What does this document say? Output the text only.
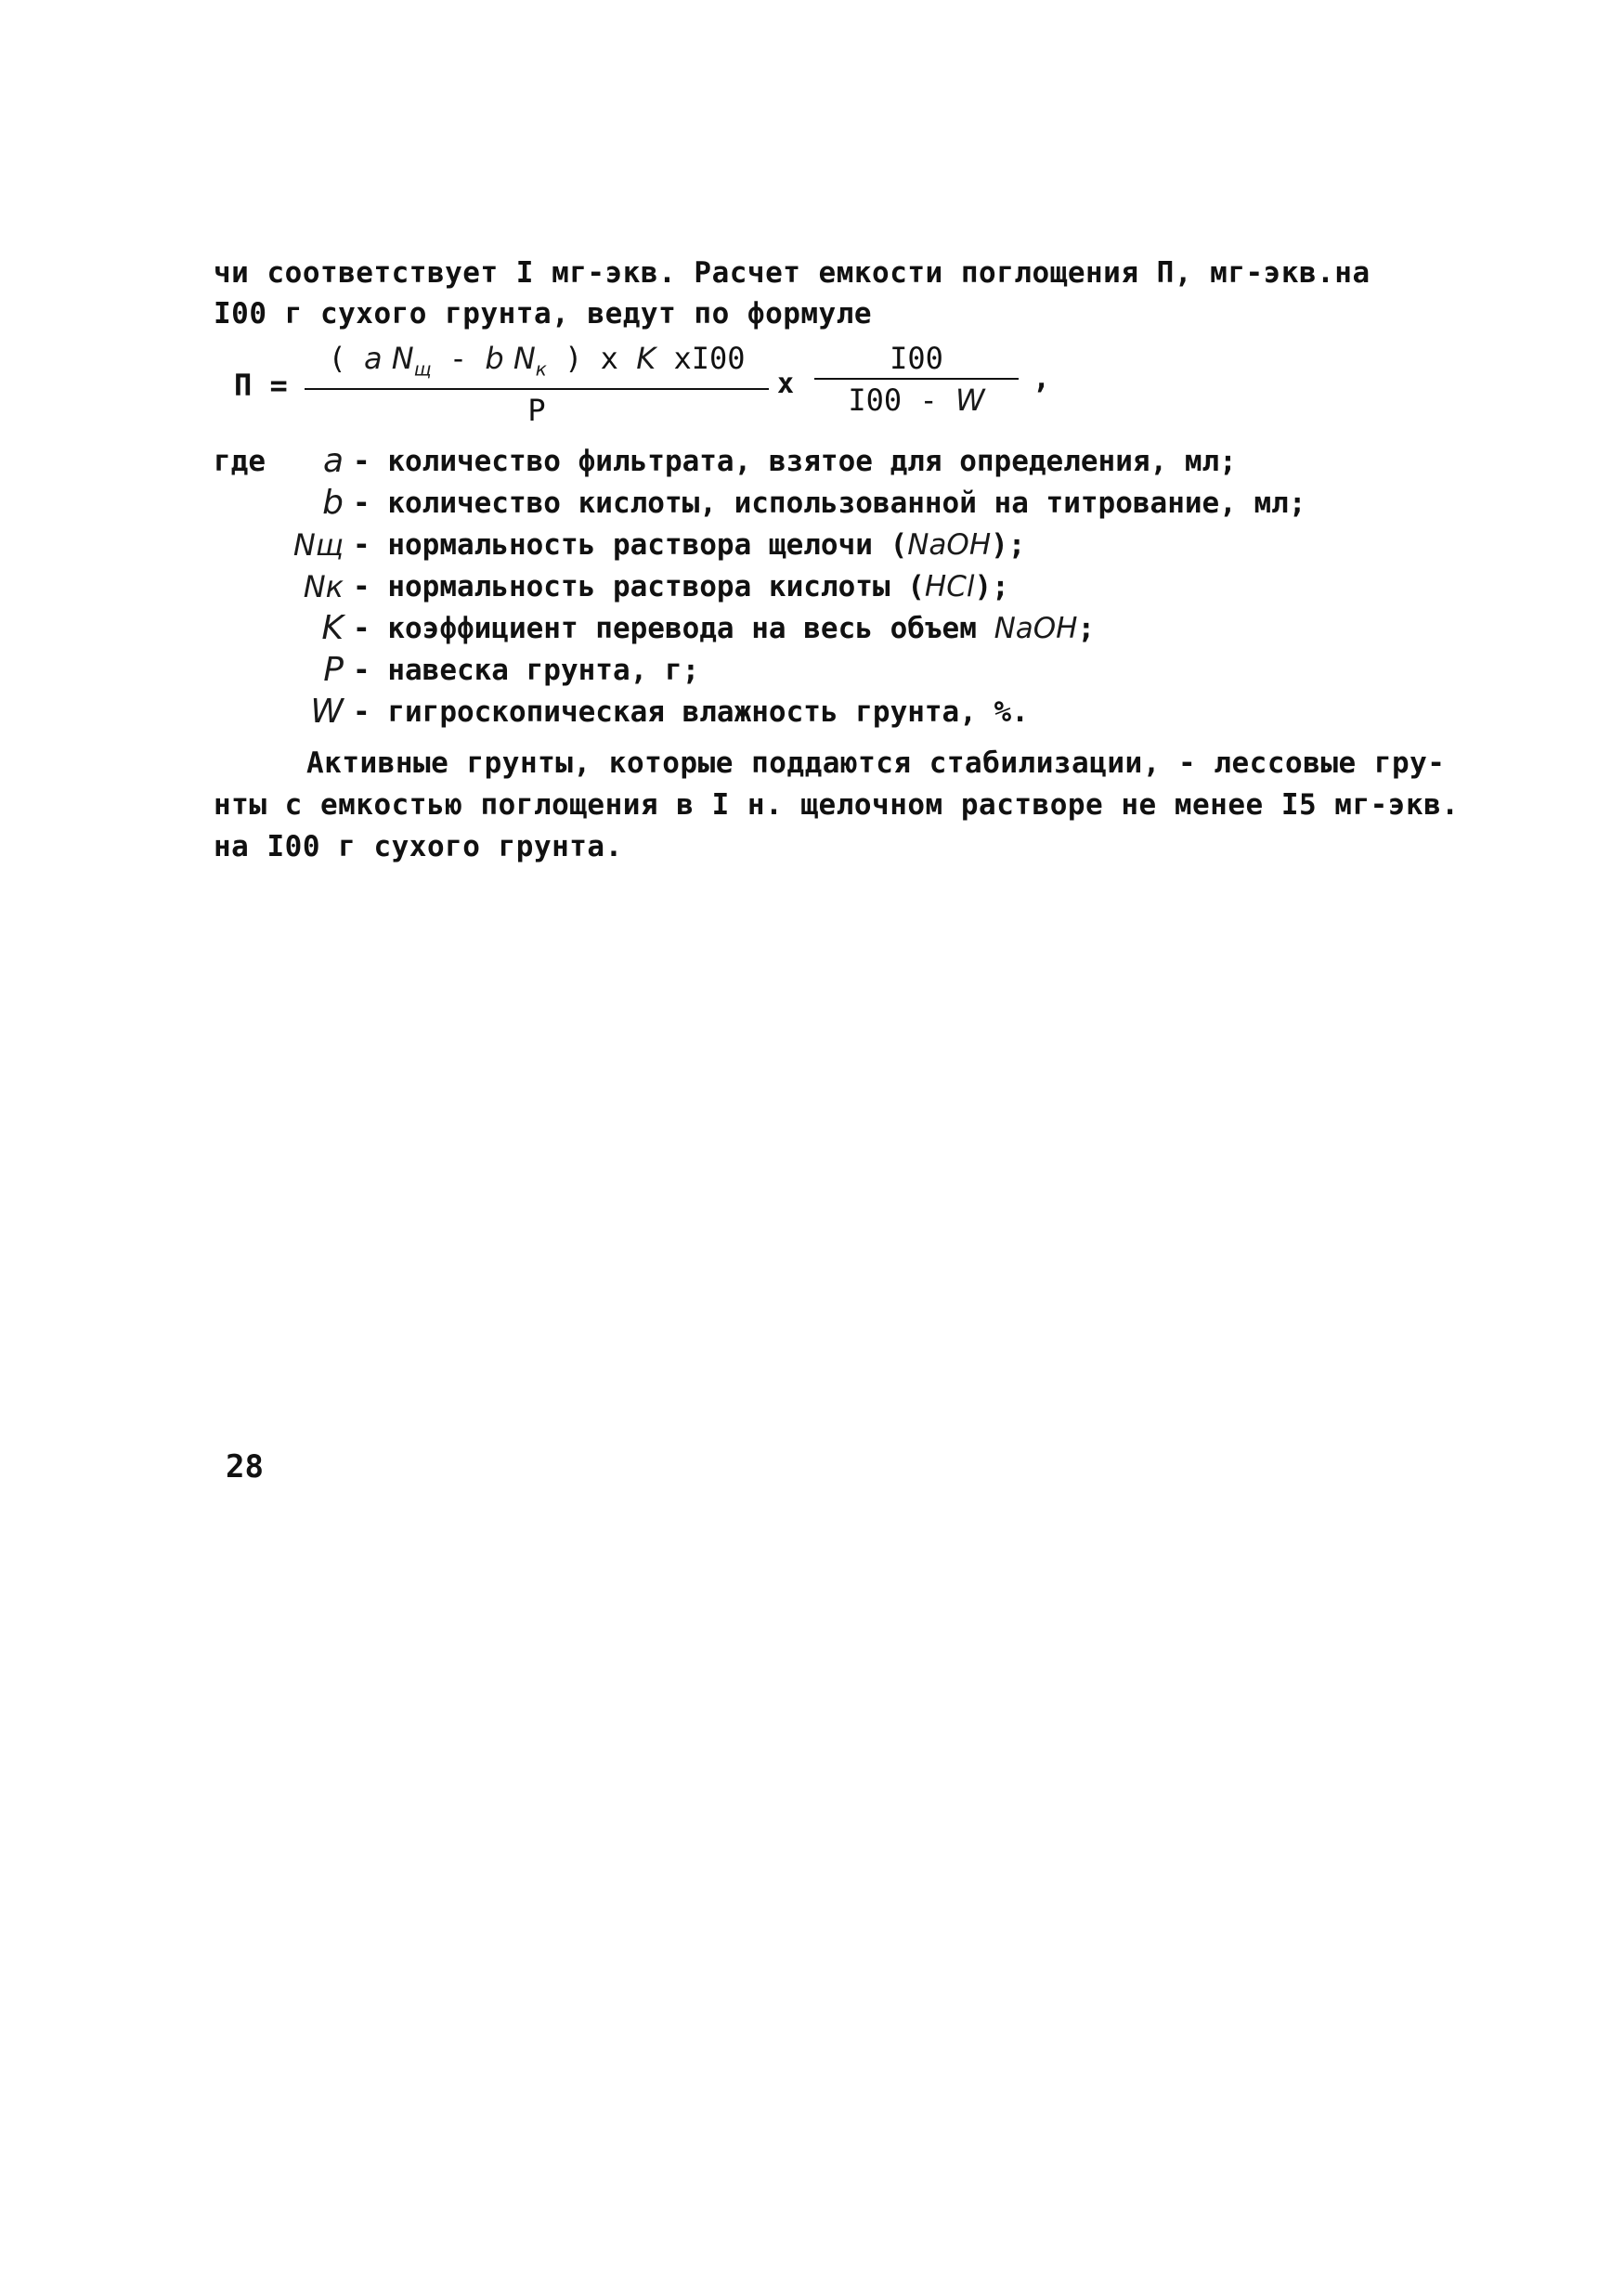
чи соответствует I мг-экв. Расчет емкости поглощения П, мг-экв.на
I00 г сухого грунта, ведут по формуле
П =
( a $N_щ$ - b $N_к$ ) x K xI00
P
x
I00
I00 - W
,
где	a - количество фильтрата, взятое для определения, мл;
b - количество кислоты, использованной на титрование, мл;
Nщ - нормальность раствора щелочи (NaOH);
Nк - нормальность раствора кислоты (HCl);
K - коэффициент перевода на весь объем NaOH;
P - навеска грунта, г;
W - гигроскопическая влажность грунта, %.
Активные грунты, которые поддаются стабилизации, - лессовые гру-
нты с емкостью поглощения в I н. щелочном растворе не менее I5 мг-экв.
на I00 г сухого грунта.
28
